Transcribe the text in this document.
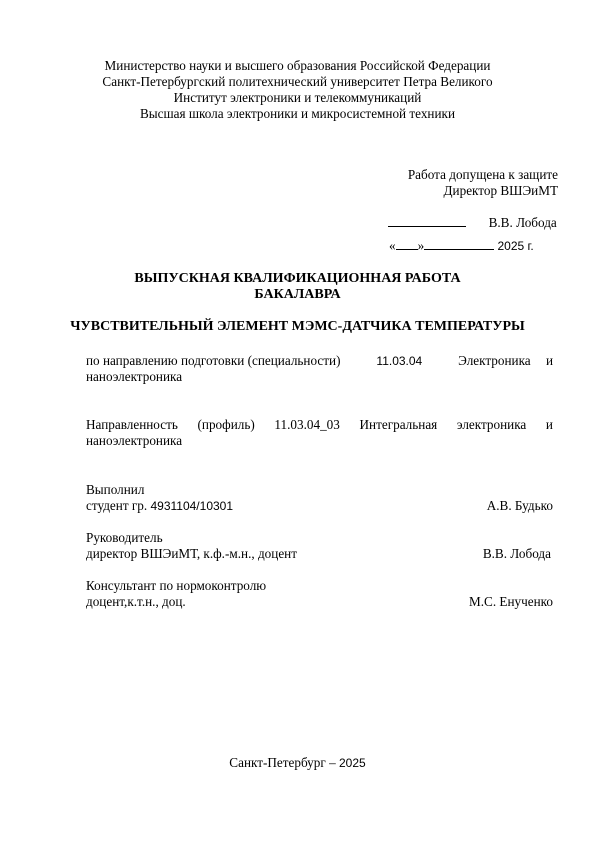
Министерство науки и высшего образования Российской Федерации
Санкт-Петербургский политехнический университет Петра Великого
Институт электроники и телекоммуникаций
Высшая школа электроники и микросистемной техники
Работа допущена к защите
Директор ВШЭиМТ
В.В. Лобода
« »	2025 г.
ВЫПУСКНАЯ КВАЛИФИКАЦИОННАЯ РАБОТА
БАКАЛАВРА
ЧУВСТВИТЕЛЬНЫЙ ЭЛЕМЕНТ МЭМС-ДАТЧИКА ТЕМПЕРАТУРЫ
по направлению подготовки (специальности)	11.03.04	Электроника и
наноэлектроника
Направленность (профиль) 11.03.04_03 Интегральная электроника и
наноэлектроника
Выполнил
студент гр. 4931104/10301	А.В. Будько
Руководитель
директор ВШЭиМТ, к.ф.-м.н., доцент	В.В. Лобода
Консультант по нормоконтролю
доцент,к.т.н., доц.	М.С. Енученко
Санкт-Петербург – 2025
